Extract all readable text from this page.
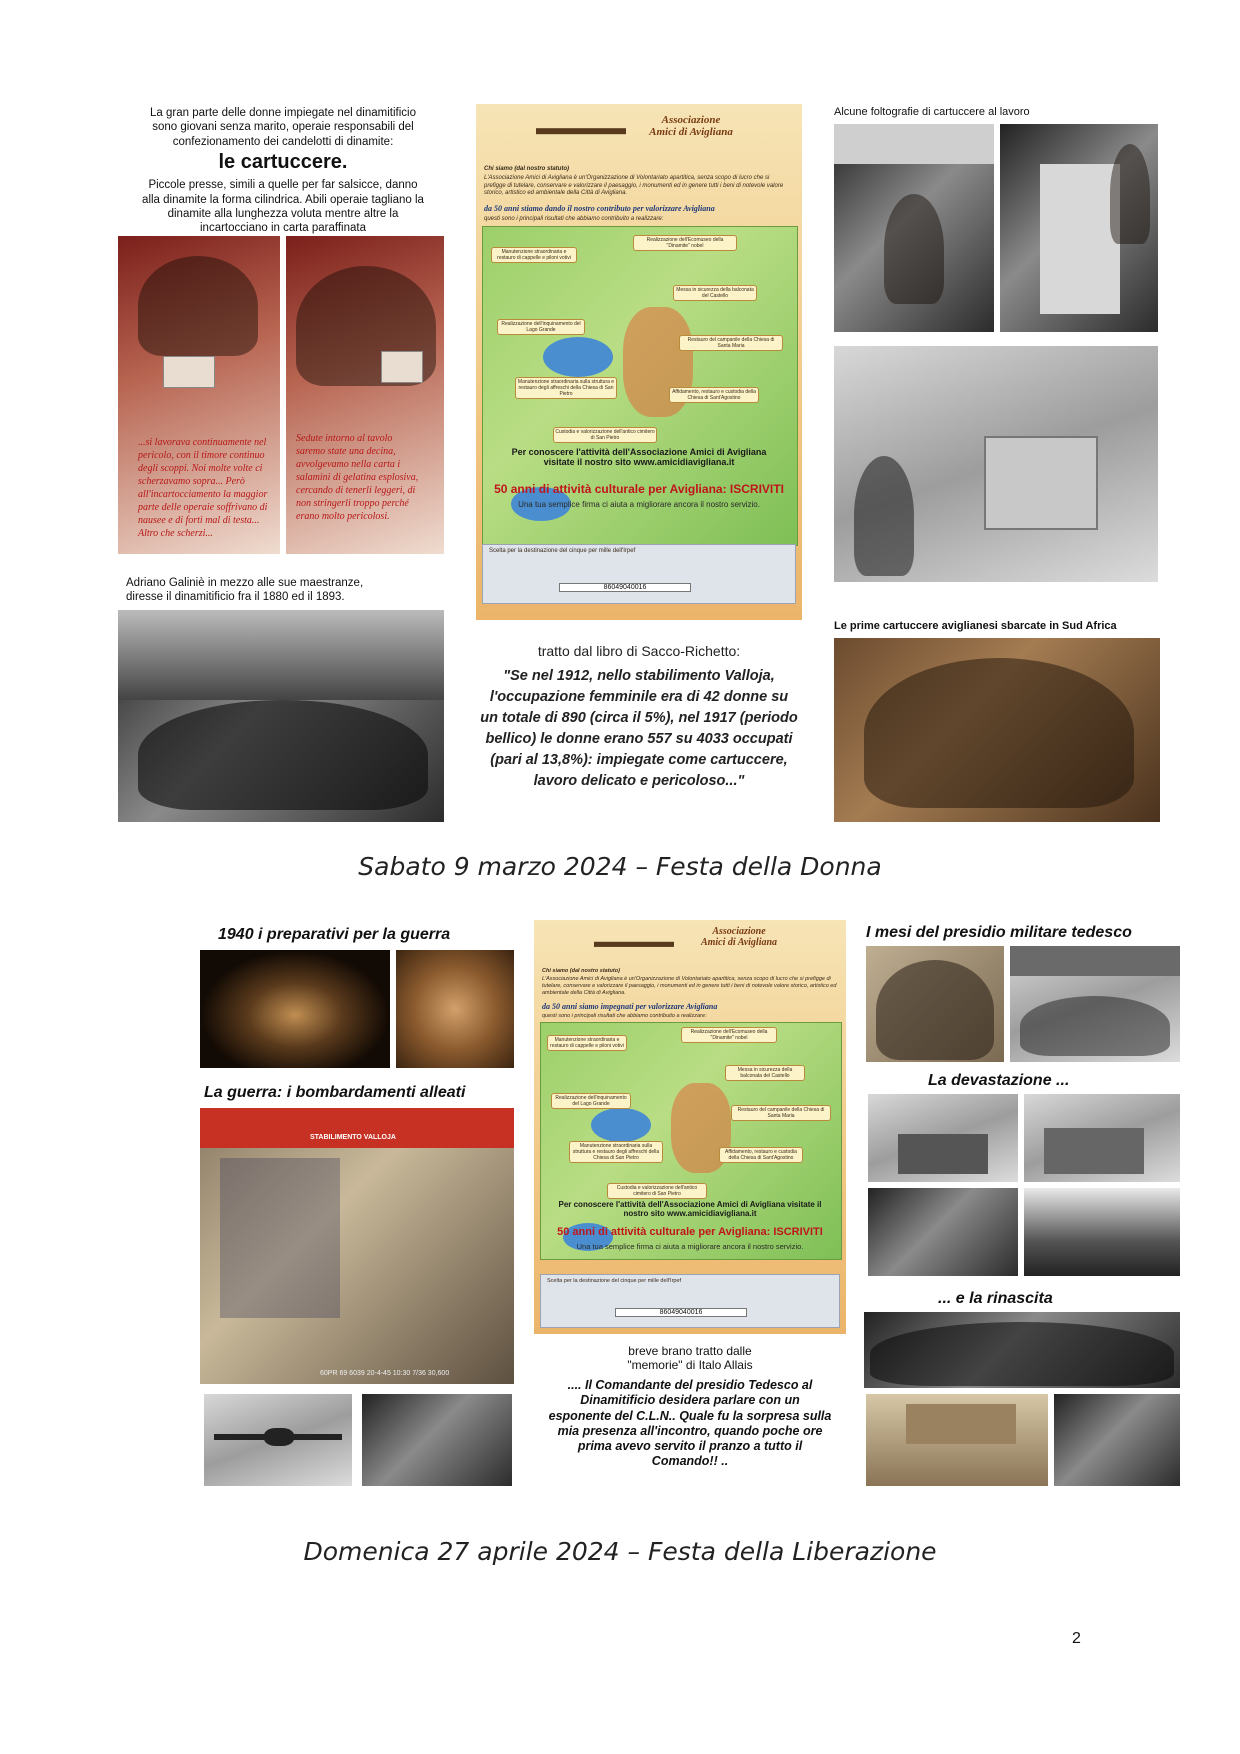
La gran parte delle donne impiegate nel dinamitificio sono giovani senza marito, operaie responsabili del confezionamento dei candelotti di dinamite:
le cartuccere.
Piccole presse, simili a quelle per far salsicce, danno alla dinamite la forma cilindrica. Abili operaie tagliano la dinamite alla lunghezza voluta mentre altre la incartocciano in carta paraffinata
...si lavorava continuamente nel pericolo, con il timore continuo degli scoppi. Noi molte volte ci scherzavamo sopra... Però all'incartocciamento la maggior parte delle operaie soffrivano di nausee e di forti mal di testa... Altro che scherzi...
Sedute intorno al tavolo saremo state una decina, avvolgevamo nella carta i salamini di gelatina esplosiva, cercando di tenerli leggeri, di non stringerli troppo perché erano molto pericolosi.
Adriano Galiniè in mezzo alle sue maestranze, diresse il dinamitificio fra il 1880 ed il 1893.
Associazione
Amici di Avigliana
Chi siamo (dal nostro statuto)
L'Associazione Amici di Avigliana è un'Organizzazione di Volontariato apartitica, senza scopo di lucro che si prefigge di tutelare, conservare e valorizzare il paesaggio, i monumenti ed in genere tutti i beni di notevole valore storico, artistico ed ambientale della Città di Avigliana.
da 50 anni stiamo dando il nostro contributo per valorizzare Avigliana
questi sono i principali risultati che abbiamo contribuito a realizzare:
Manutenzione straordinaria e restauro di cappelle e piloni votivi
Realizzazione dell'Ecomuseo della "Dinamite" nobel
Messa in sicurezza della balconata del Castello
Realizzazione dell'inquinamento del Lago Grande
Restauro del campanile della Chiesa di Santa Maria
Manutenzione straordinaria sulla struttura e restauro degli affreschi della Chiesa di San Pietro	Affidamento, restauro e custodia della Chiesa di Sant'Agostino
Custodia e valorizzazione dell'antico cimitero di San Pietro
Per conoscere l'attività dell'Associazione Amici di Avigliana visitate il nostro sito www.amicidiavigliana.it
50 anni di attività culturale per Avigliana: ISCRIVITI
Una tua semplice firma ci aiuta a migliorare ancora il nostro servizio.
Scelta per la destinazione del cinque per mille dell'Irpef
86049040016
tratto dal libro di Sacco-Richetto:
"Se nel 1912, nello stabilimento Valloja, l'occupazione femminile era di 42 donne su un totale di 890 (circa il 5%), nel 1917 (periodo bellico) le donne erano 557 su 4033 occupati (pari al 13,8%): impiegate come cartuccere, lavoro delicato e pericoloso..."
Alcune foltografie di cartuccere al lavoro
Le prime cartuccere aviglianesi sbarcate in Sud Africa
Sabato 9 marzo 2024 – Festa della Donna
1940 i preparativi per la guerra
La guerra: i bombardamenti alleati
STABILIMENTO VALLOJA
60PR 69 6039 20-4-45 10:30 7/36 30,600
Associazione
Amici di Avigliana
Chi siamo (dal nostro statuto)
L'Associazione Amici di Avigliana è un'Organizzazione di Volontariato apartitica, senza scopo di lucro che si prefigge di tutelare, conservare e valorizzare il paesaggio, i monumenti ed in genere tutti i beni di notevole valore storico, artistico ed ambientale della Città di Avigliana.
da 50 anni siamo impegnati per valorizzare Avigliana
questi sono i principali risultati che abbiamo contribuito a realizzare:
Manutenzione straordinaria e restauro di cappelle e piloni votivi
Realizzazione dell'Ecomuseo della "Dinamite" nobel
Messa in sicurezza della balconata del Castello
Realizzazione dell'inquinamento del Lago Grande
Restauro del campanile della Chiesa di Santa Maria
Manutenzione straordinaria sulla struttura e restauro degli affreschi della Chiesa di San Pietro
Affidamento, restauro e custodia della Chiesa di Sant'Agostino
Custodia e valorizzazione dell'antico cimitero di San Pietro
Per conoscere l'attività dell'Associazione Amici di Avigliana visitate il nostro sito www.amicidiavigliana.it
50 anni di attività culturale per Avigliana: ISCRIVITI
Una tua semplice firma ci aiuta a migliorare ancora il nostro servizio.
Scelta per la destinazione del cinque per mille dell'Irpef
86049040016
breve brano tratto dalle "memorie" di Italo Allais
.... Il Comandante del presidio Tedesco al Dinamitificio desidera parlare con un esponente del C.L.N.. Quale fu la sorpresa sulla mia presenza all'incontro, quando poche ore prima avevo servito il pranzo a tutto il Comando!! ..
I mesi del presidio militare tedesco
La devastazione ...
... e la rinascita
Domenica 27 aprile 2024 – Festa della Liberazione
2
